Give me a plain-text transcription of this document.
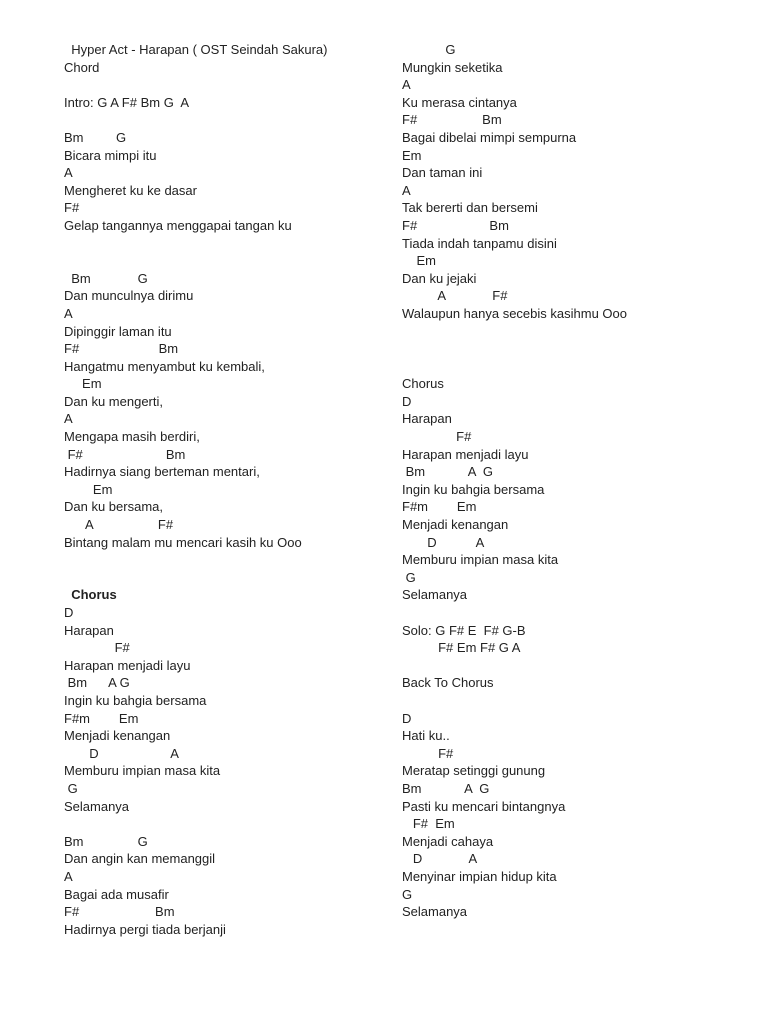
Hyper Act - Harapan ( OST Seindah Sakura)
Chord
Intro: G A F# Bm G  A
Bm         G
Bicara mimpi itu
A
Mengheret ku ke dasar
F#
Gelap tangannya menggapai tangan ku
Bm             G
Dan munculnya dirimu
A
Dipinggir laman itu
F#                      Bm
Hangatmu menyambut ku kembali,
Em
Dan ku mengerti,
A
Mengapa masih berdiri,
F#                       Bm
Hadirnya siang berteman mentari,
Em
Dan ku bersama,
A                  F#
Bintang malam mu mencari kasih ku Ooo
Chorus
D
Harapan
F#
Harapan menjadi layu
Bm      A G
Ingin ku bahgia bersama
F#m        Em
Menjadi kenangan
D                    A
Memburu impian masa kita
G
Selamanya
Bm               G
Dan angin kan memanggil
A
Bagai ada musafir
F#                     Bm
Hadirnya pergi tiada berjanji
G
Mungkin seketika
A
Ku merasa cintanya
F#                  Bm
Bagai dibelai mimpi sempurna
Em
Dan taman ini
A
Tak bererti dan bersemi
F#                    Bm
Tiada indah tanpamu disini
Em
Dan ku jejaki
A             F#
Walaupun hanya secebis kasihmu Ooo
Chorus
D
Harapan
F#
Harapan menjadi layu
Bm            A  G
Ingin ku bahgia bersama
F#m        Em
Menjadi kenangan
D           A
Memburu impian masa kita
G
Selamanya
Solo: G F# E  F# G-B
F# Em F# G A
Back To Chorus
D
Hati ku..
F#
Meratap setinggi gunung
Bm            A  G
Pasti ku mencari bintangnya
F#  Em
Menjadi cahaya
D             A
Menyinar impian hidup kita
G
Selamanya
